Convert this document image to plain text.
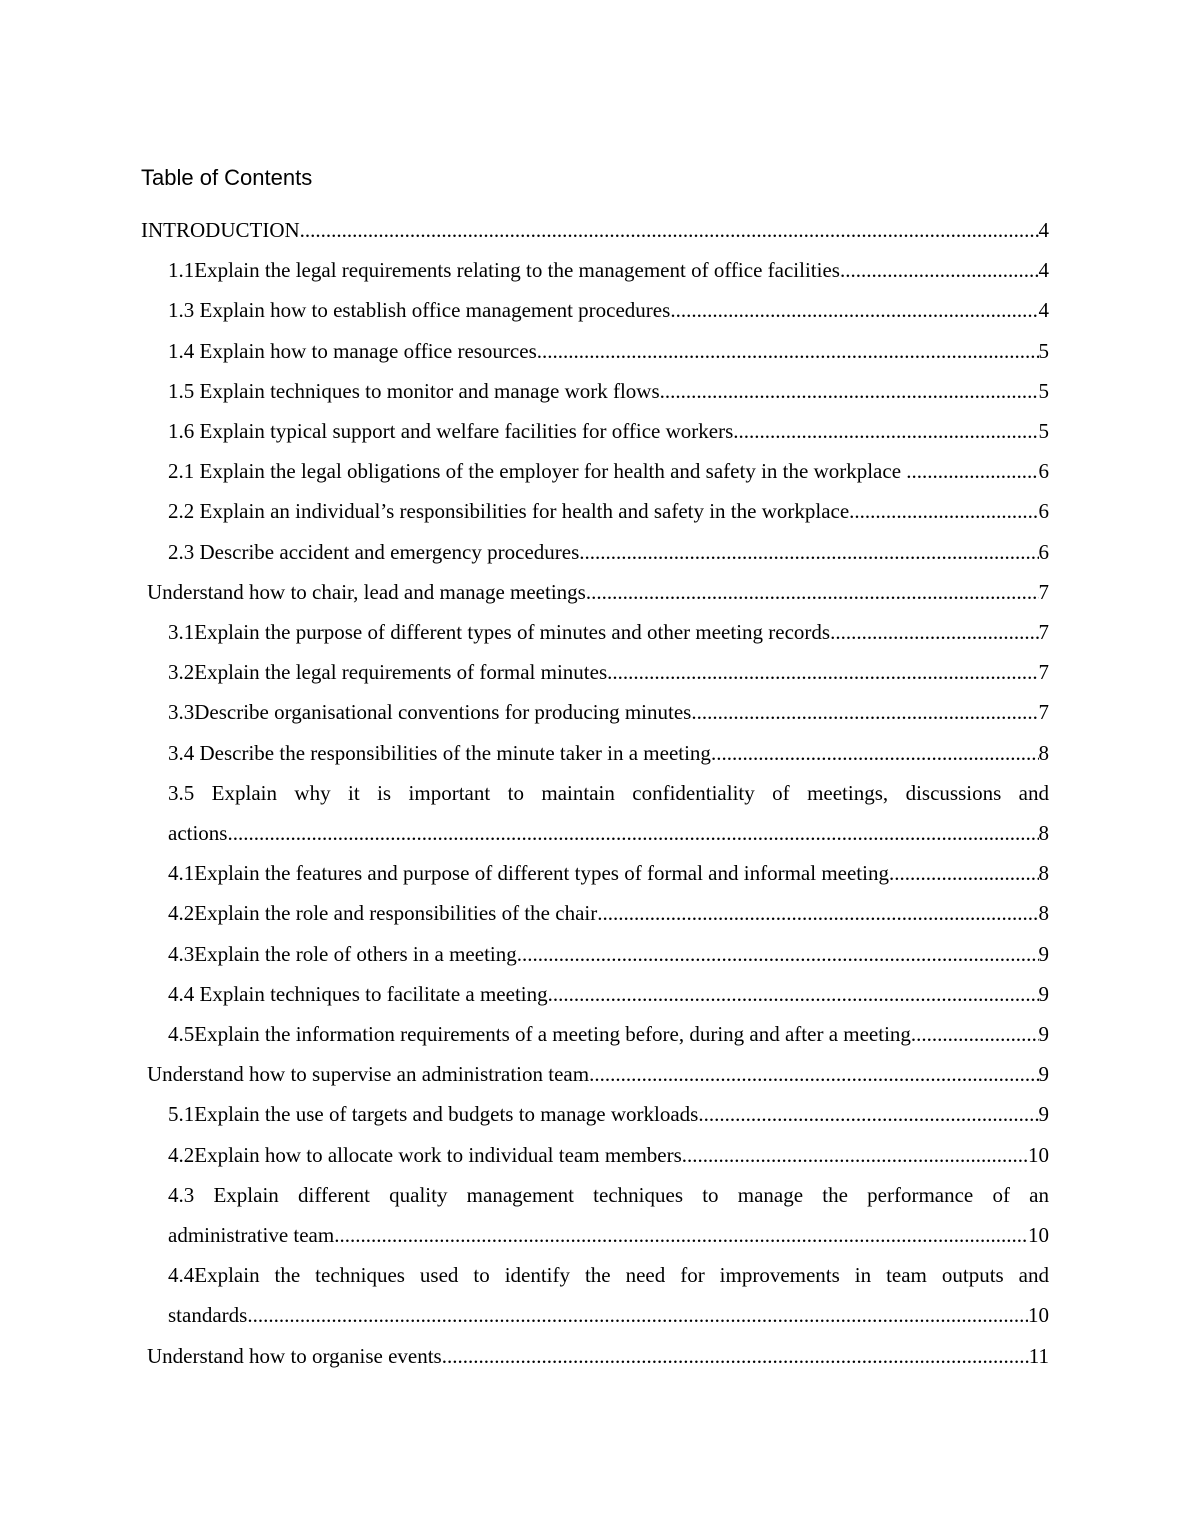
Table of Contents
INTRODUCTION .....	4
1.1Explain the legal requirements relating to the management of office facilities .....	4
1.3 Explain how to establish office management procedures .....	4
1.4 Explain how to manage office resources .....	5
1.5 Explain techniques to monitor and manage work flows .....	5
1.6 Explain typical support and welfare facilities for office workers .....	5
2.1 Explain the legal obligations of the employer for health and safety in the workplace .....	6
2.2 Explain an individual’s responsibilities for health and safety in the workplace .....	6
2.3 Describe accident and emergency procedures .....	6
Understand how to chair, lead and manage meetings .....	7
3.1Explain the purpose of different types of minutes and other meeting records .....	7
3.2Explain the legal requirements of formal minutes .....	7
3.3Describe organisational conventions for producing minutes .....	7
3.4 Describe the responsibilities of the minute taker in a meeting .....	8
3.5 Explain why it is important to maintain confidentiality of meetings, discussions and
actions .....	8
4.1Explain the features and purpose of different types of formal and informal meeting .....	8
4.2Explain the role and responsibilities of the chair .....	8
4.3Explain the role of others in a meeting .....	9
4.4 Explain techniques to facilitate a meeting .....	9
4.5Explain the information requirements of a meeting before, during and after a meeting .....	9
Understand how to supervise an administration team .....	9
5.1Explain the use of targets and budgets to manage workloads .....	9
4.2Explain how to allocate work to individual team members .....	10
4.3 Explain different quality management techniques to manage the performance of an
administrative team .....	10
4.4Explain the techniques used to identify the need for improvements in team outputs and
standards .....	10
Understand how to organise events .....	11
